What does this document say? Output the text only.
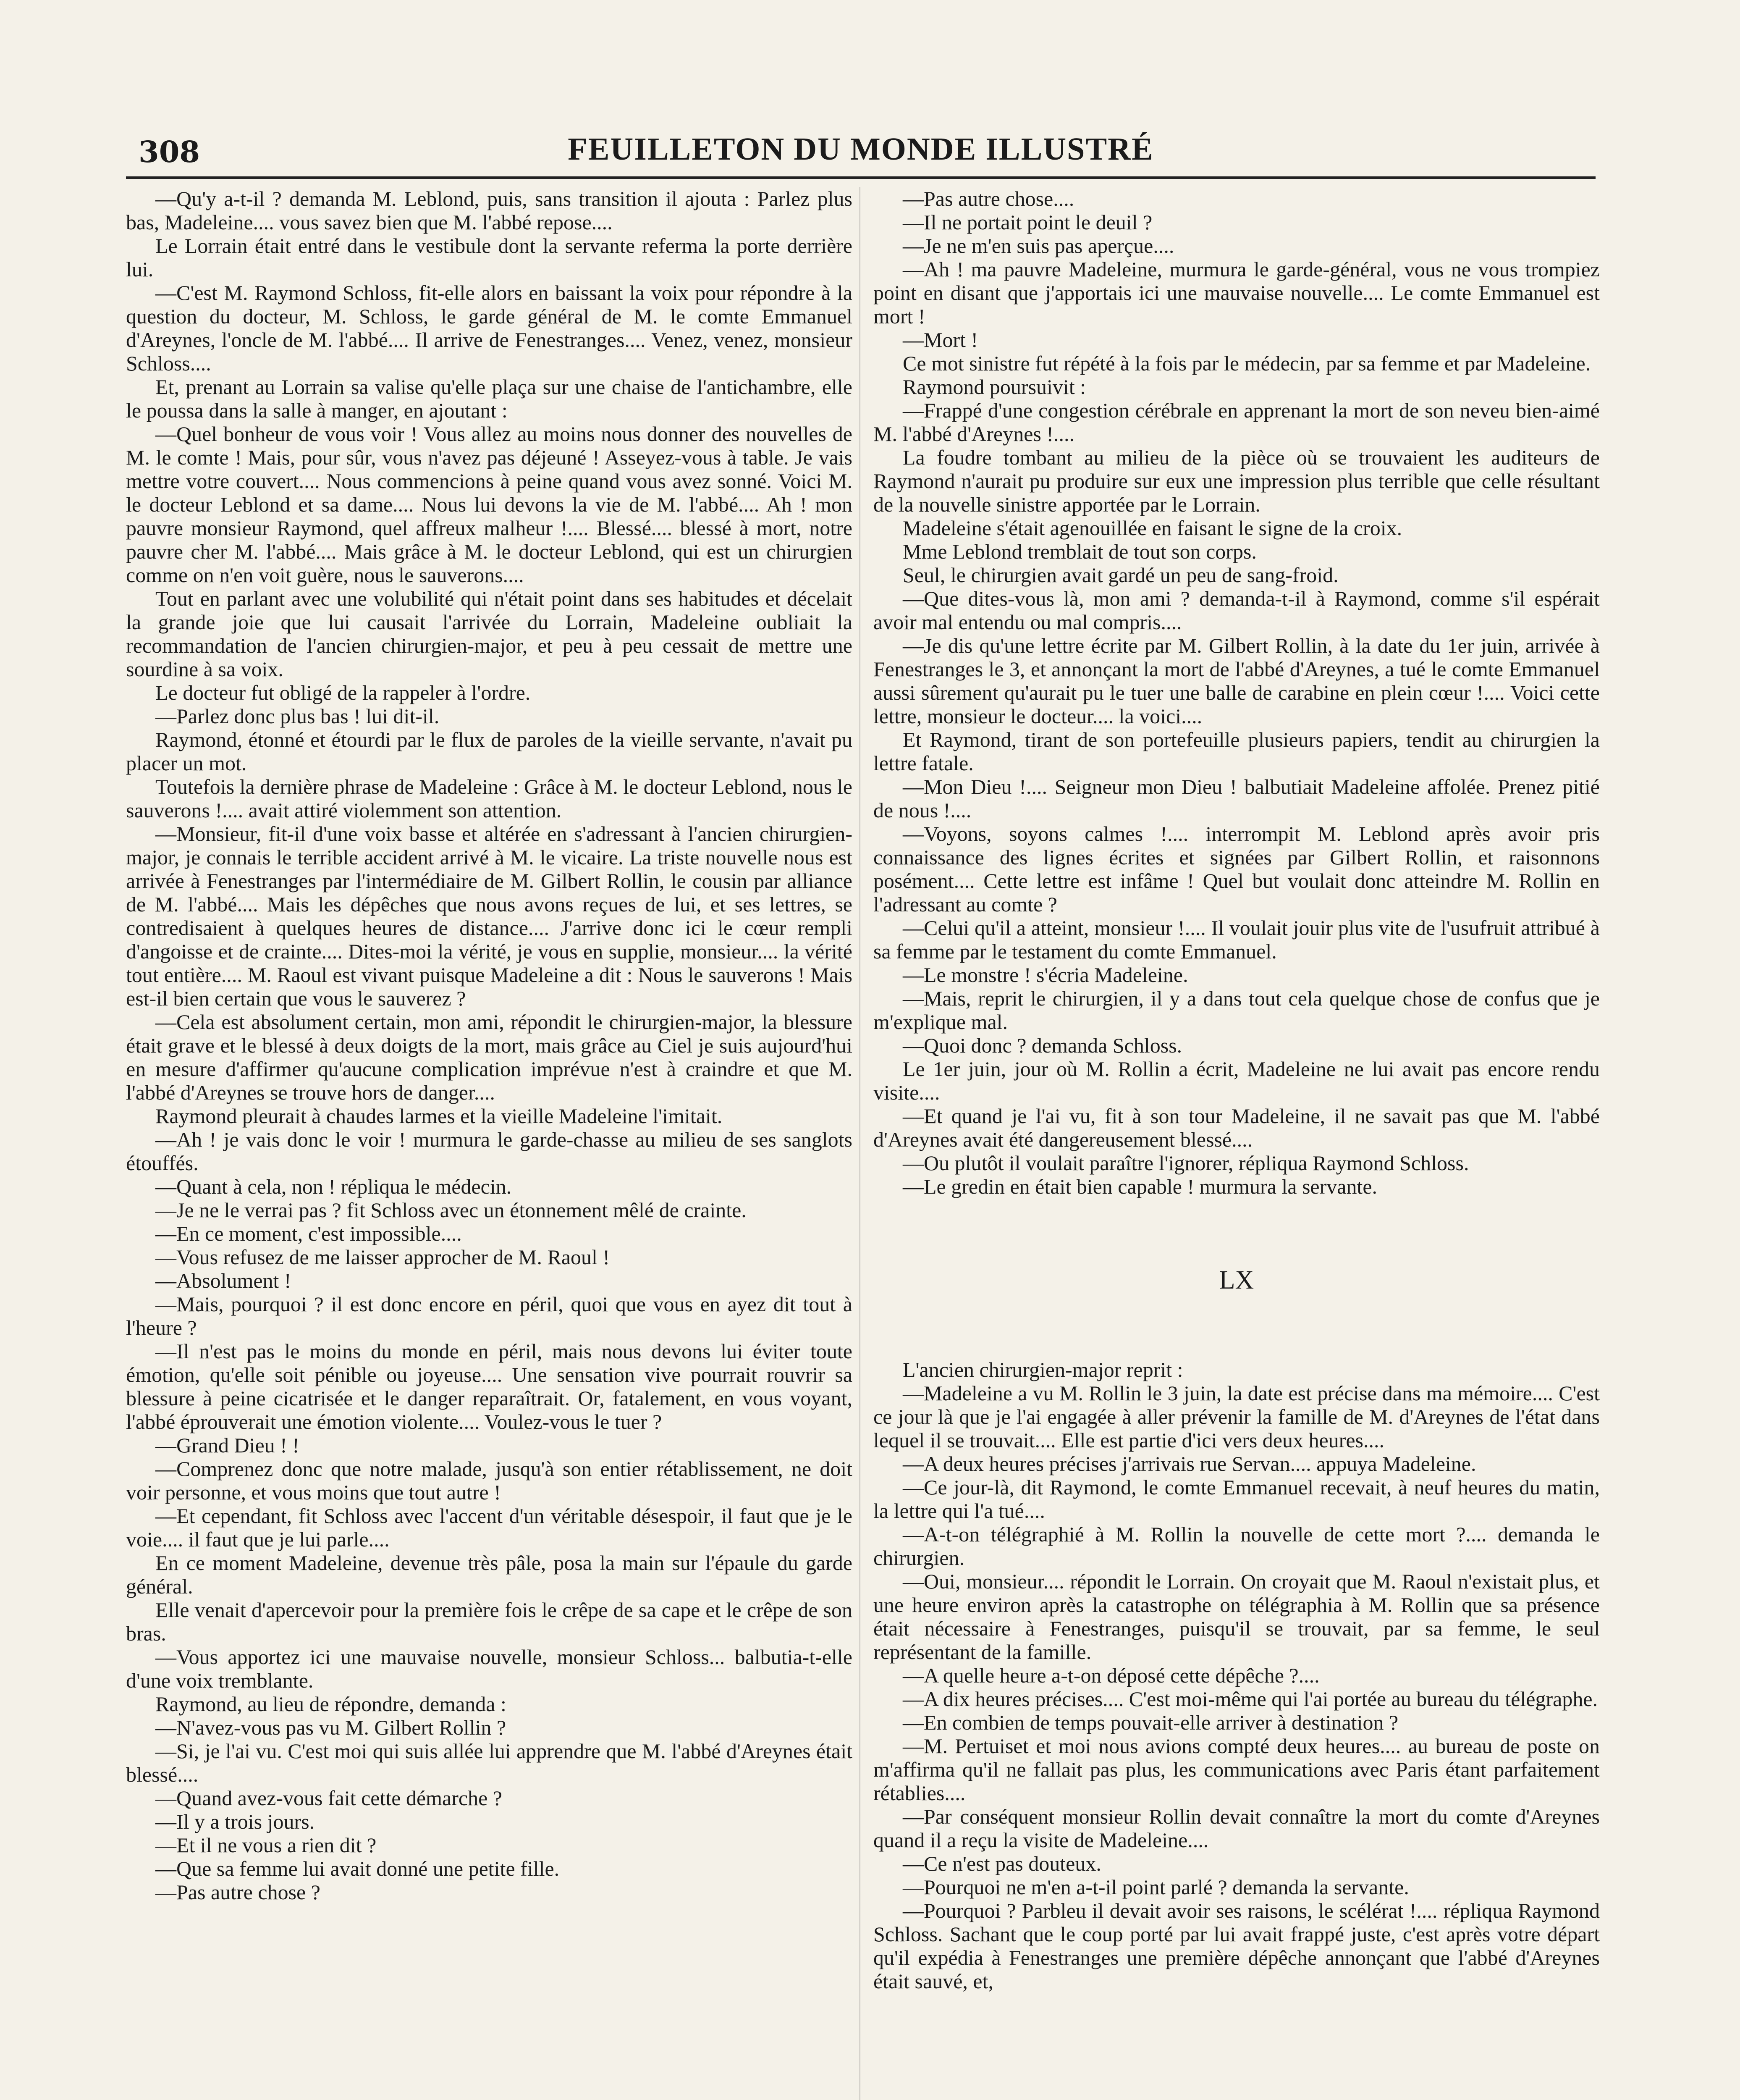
308	FEUILLETON DU MONDE ILLUSTRÉ

—Qu'y a-t-il ? demanda M. Leblond, puis, sans transition il ajouta : Parlez plus bas, Madeleine.... vous savez bien que M. l'abbé repose....

Le Lorrain était entré dans le vestibule dont la servante referma la porte derrière lui.

—C'est M. Raymond Schloss, fit-elle alors en baissant la voix pour répondre à la question du docteur, M. Schloss, le garde général de M. le comte Emmanuel d'Areynes, l'oncle de M. l'abbé.... Il arrive de Fenestranges.... Venez, venez, monsieur Schloss....

Et, prenant au Lorrain sa valise qu'elle plaça sur une chaise de l'antichambre, elle le poussa dans la salle à manger, en ajoutant :

—Quel bonheur de vous voir ! Vous allez au moins nous donner des nouvelles de M. le comte ! Mais, pour sûr, vous n'avez pas déjeuné ! Asseyez-vous à table. Je vais mettre votre couvert.... Nous commencions à peine quand vous avez sonné. Voici M. le docteur Leblond et sa dame.... Nous lui devons la vie de M. l'abbé.... Ah ! mon pauvre monsieur Raymond, quel affreux malheur !.... Blessé.... blessé à mort, notre pauvre cher M. l'abbé.... Mais grâce à M. le docteur Leblond, qui est un chirurgien comme on n'en voit guère, nous le sauverons....

Tout en parlant avec une volubilité qui n'était point dans ses habitudes et décelait la grande joie que lui causait l'arrivée du Lorrain, Madeleine oubliait la recommandation de l'ancien chirurgien-major, et peu à peu cessait de mettre une sourdine à sa voix.

Le docteur fut obligé de la rappeler à l'ordre.

—Parlez donc plus bas ! lui dit-il.

Raymond, étonné et étourdi par le flux de paroles de la vieille servante, n'avait pu placer un mot.

Toutefois la dernière phrase de Madeleine : Grâce à M. le docteur Leblond, nous le sauverons !.... avait attiré violemment son attention.

—Monsieur, fit-il d'une voix basse et altérée en s'adressant à l'ancien chirurgien-major, je connais le terrible accident arrivé à M. le vicaire. La triste nouvelle nous est arrivée à Fenestranges par l'intermédiaire de M. Gilbert Rollin, le cousin par alliance de M. l'abbé.... Mais les dépêches que nous avons reçues de lui, et ses lettres, se contredisaient à quelques heures de distance.... J'arrive donc ici le cœur rempli d'angoisse et de crainte.... Dites-moi la vérité, je vous en supplie, monsieur.... la vérité tout entière.... M. Raoul est vivant puisque Madeleine a dit : Nous le sauverons ! Mais est-il bien certain que vous le sauverez ?

—Cela est absolument certain, mon ami, répondit le chirurgien-major, la blessure était grave et le blessé à deux doigts de la mort, mais grâce au Ciel je suis aujourd'hui en mesure d'affirmer qu'aucune complication imprévue n'est à craindre et que M. l'abbé d'Areynes se trouve hors de danger....

Raymond pleurait à chaudes larmes et la vieille Madeleine l'imitait.

—Ah ! je vais donc le voir ! murmura le garde-chasse au milieu de ses sanglots étouffés.

—Quant à cela, non ! répliqua le médecin.

—Je ne le verrai pas ? fit Schloss avec un étonnement mêlé de crainte.

—En ce moment, c'est impossible....

—Vous refusez de me laisser approcher de M. Raoul !

—Absolument !

—Mais, pourquoi ? il est donc encore en péril, quoi que vous en ayez dit tout à l'heure ?

—Il n'est pas le moins du monde en péril, mais nous devons lui éviter toute émotion, qu'elle soit pénible ou joyeuse.... Une sensation vive pourrait rouvrir sa blessure à peine cicatrisée et le danger reparaîtrait. Or, fatalement, en vous voyant, l'abbé éprouverait une émotion violente.... Voulez-vous le tuer ?

—Grand Dieu ! !

—Comprenez donc que notre malade, jusqu'à son entier rétablissement, ne doit voir personne, et vous moins que tout autre !

—Et cependant, fit Schloss avec l'accent d'un véritable désespoir, il faut que je le voie.... il faut que je lui parle....

En ce moment Madeleine, devenue très pâle, posa la main sur l'épaule du garde général.

Elle venait d'apercevoir pour la première fois le crêpe de sa cape et le crêpe de son bras.

—Vous apportez ici une mauvaise nouvelle, monsieur Schloss... balbutia-t-elle d'une voix tremblante.

Raymond, au lieu de répondre, demanda :

—N'avez-vous pas vu M. Gilbert Rollin ?

—Si, je l'ai vu. C'est moi qui suis allée lui apprendre que M. l'abbé d'Areynes était blessé....

—Quand avez-vous fait cette démarche ?

—Il y a trois jours.

—Et il ne vous a rien dit ?

—Que sa femme lui avait donné une petite fille.

—Pas autre chose ?

—Pas autre chose....

—Il ne portait point le deuil ?

—Je ne m'en suis pas aperçue....

—Ah ! ma pauvre Madeleine, murmura le garde-général, vous ne vous trompiez point en disant que j'apportais ici une mauvaise nouvelle.... Le comte Emmanuel est mort !

—Mort !

Ce mot sinistre fut répété à la fois par le médecin, par sa femme et par Madeleine.

Raymond poursuivit :

—Frappé d'une congestion cérébrale en apprenant la mort de son neveu bien-aimé M. l'abbé d'Areynes !....

La foudre tombant au milieu de la pièce où se trouvaient les auditeurs de Raymond n'aurait pu produire sur eux une impression plus terrible que celle résultant de la nouvelle sinistre apportée par le Lorrain.

Madeleine s'était agenouillée en faisant le signe de la croix.

Mme Leblond tremblait de tout son corps.

Seul, le chirurgien avait gardé un peu de sang-froid.

—Que dites-vous là, mon ami ? demanda-t-il à Raymond, comme s'il espérait avoir mal entendu ou mal compris....

—Je dis qu'une lettre écrite par M. Gilbert Rollin, à la date du 1er juin, arrivée à Fenestranges le 3, et annonçant la mort de l'abbé d'Areynes, a tué le comte Emmanuel aussi sûrement qu'aurait pu le tuer une balle de carabine en plein cœur !.... Voici cette lettre, monsieur le docteur.... la voici....

Et Raymond, tirant de son portefeuille plusieurs papiers, tendit au chirurgien la lettre fatale.

—Mon Dieu !.... Seigneur mon Dieu ! balbutiait Madeleine affolée. Prenez pitié de nous !....

—Voyons, soyons calmes !.... interrompit M. Leblond après avoir pris connaissance des lignes écrites et signées par Gilbert Rollin, et raisonnons posément.... Cette lettre est infâme ! Quel but voulait donc atteindre M. Rollin en l'adressant au comte ?

—Celui qu'il a atteint, monsieur !.... Il voulait jouir plus vite de l'usufruit attribué à sa femme par le testament du comte Emmanuel.

—Le monstre ! s'écria Madeleine.

—Mais, reprit le chirurgien, il y a dans tout cela quelque chose de confus que je m'explique mal.

—Quoi donc ? demanda Schloss.

Le 1er juin, jour où M. Rollin a écrit, Madeleine ne lui avait pas encore rendu visite....

—Et quand je l'ai vu, fit à son tour Madeleine, il ne savait pas que M. l'abbé d'Areynes avait été dangereusement blessé....

—Ou plutôt il voulait paraître l'ignorer, répliqua Raymond Schloss.

—Le gredin en était bien capable ! murmura la servante.

LX

L'ancien chirurgien-major reprit :

—Madeleine a vu M. Rollin le 3 juin, la date est précise dans ma mémoire.... C'est ce jour là que je l'ai engagée à aller prévenir la famille de M. d'Areynes de l'état dans lequel il se trouvait.... Elle est partie d'ici vers deux heures....

—A deux heures précises j'arrivais rue Servan.... appuya Madeleine.

—Ce jour-là, dit Raymond, le comte Emmanuel recevait, à neuf heures du matin, la lettre qui l'a tué....

—A-t-on télégraphié à M. Rollin la nouvelle de cette mort ?.... demanda le chirurgien.

—Oui, monsieur.... répondit le Lorrain. On croyait que M. Raoul n'existait plus, et une heure environ après la catastrophe on télégraphia à M. Rollin que sa présence était nécessaire à Fenestranges, puisqu'il se trouvait, par sa femme, le seul représentant de la famille.

—A quelle heure a-t-on déposé cette dépêche ?....

—A dix heures précises.... C'est moi-même qui l'ai portée au bureau du télégraphe.

—En combien de temps pouvait-elle arriver à destination ?

—M. Pertuiset et moi nous avions compté deux heures.... au bureau de poste on m'affirma qu'il ne fallait pas plus, les communications avec Paris étant parfaitement rétablies....

—Par conséquent monsieur Rollin devait connaître la mort du comte d'Areynes quand il a reçu la visite de Madeleine....

—Ce n'est pas douteux.

—Pourquoi ne m'en a-t-il point parlé ? demanda la servante.

—Pourquoi ? Parbleu il devait avoir ses raisons, le scélérat !.... répliqua Raymond Schloss. Sachant que le coup porté par lui avait frappé juste, c'est après votre départ qu'il expédia à Fenestranges une première dépêche annonçant que l'abbé d'Areynes était sauvé, et,
